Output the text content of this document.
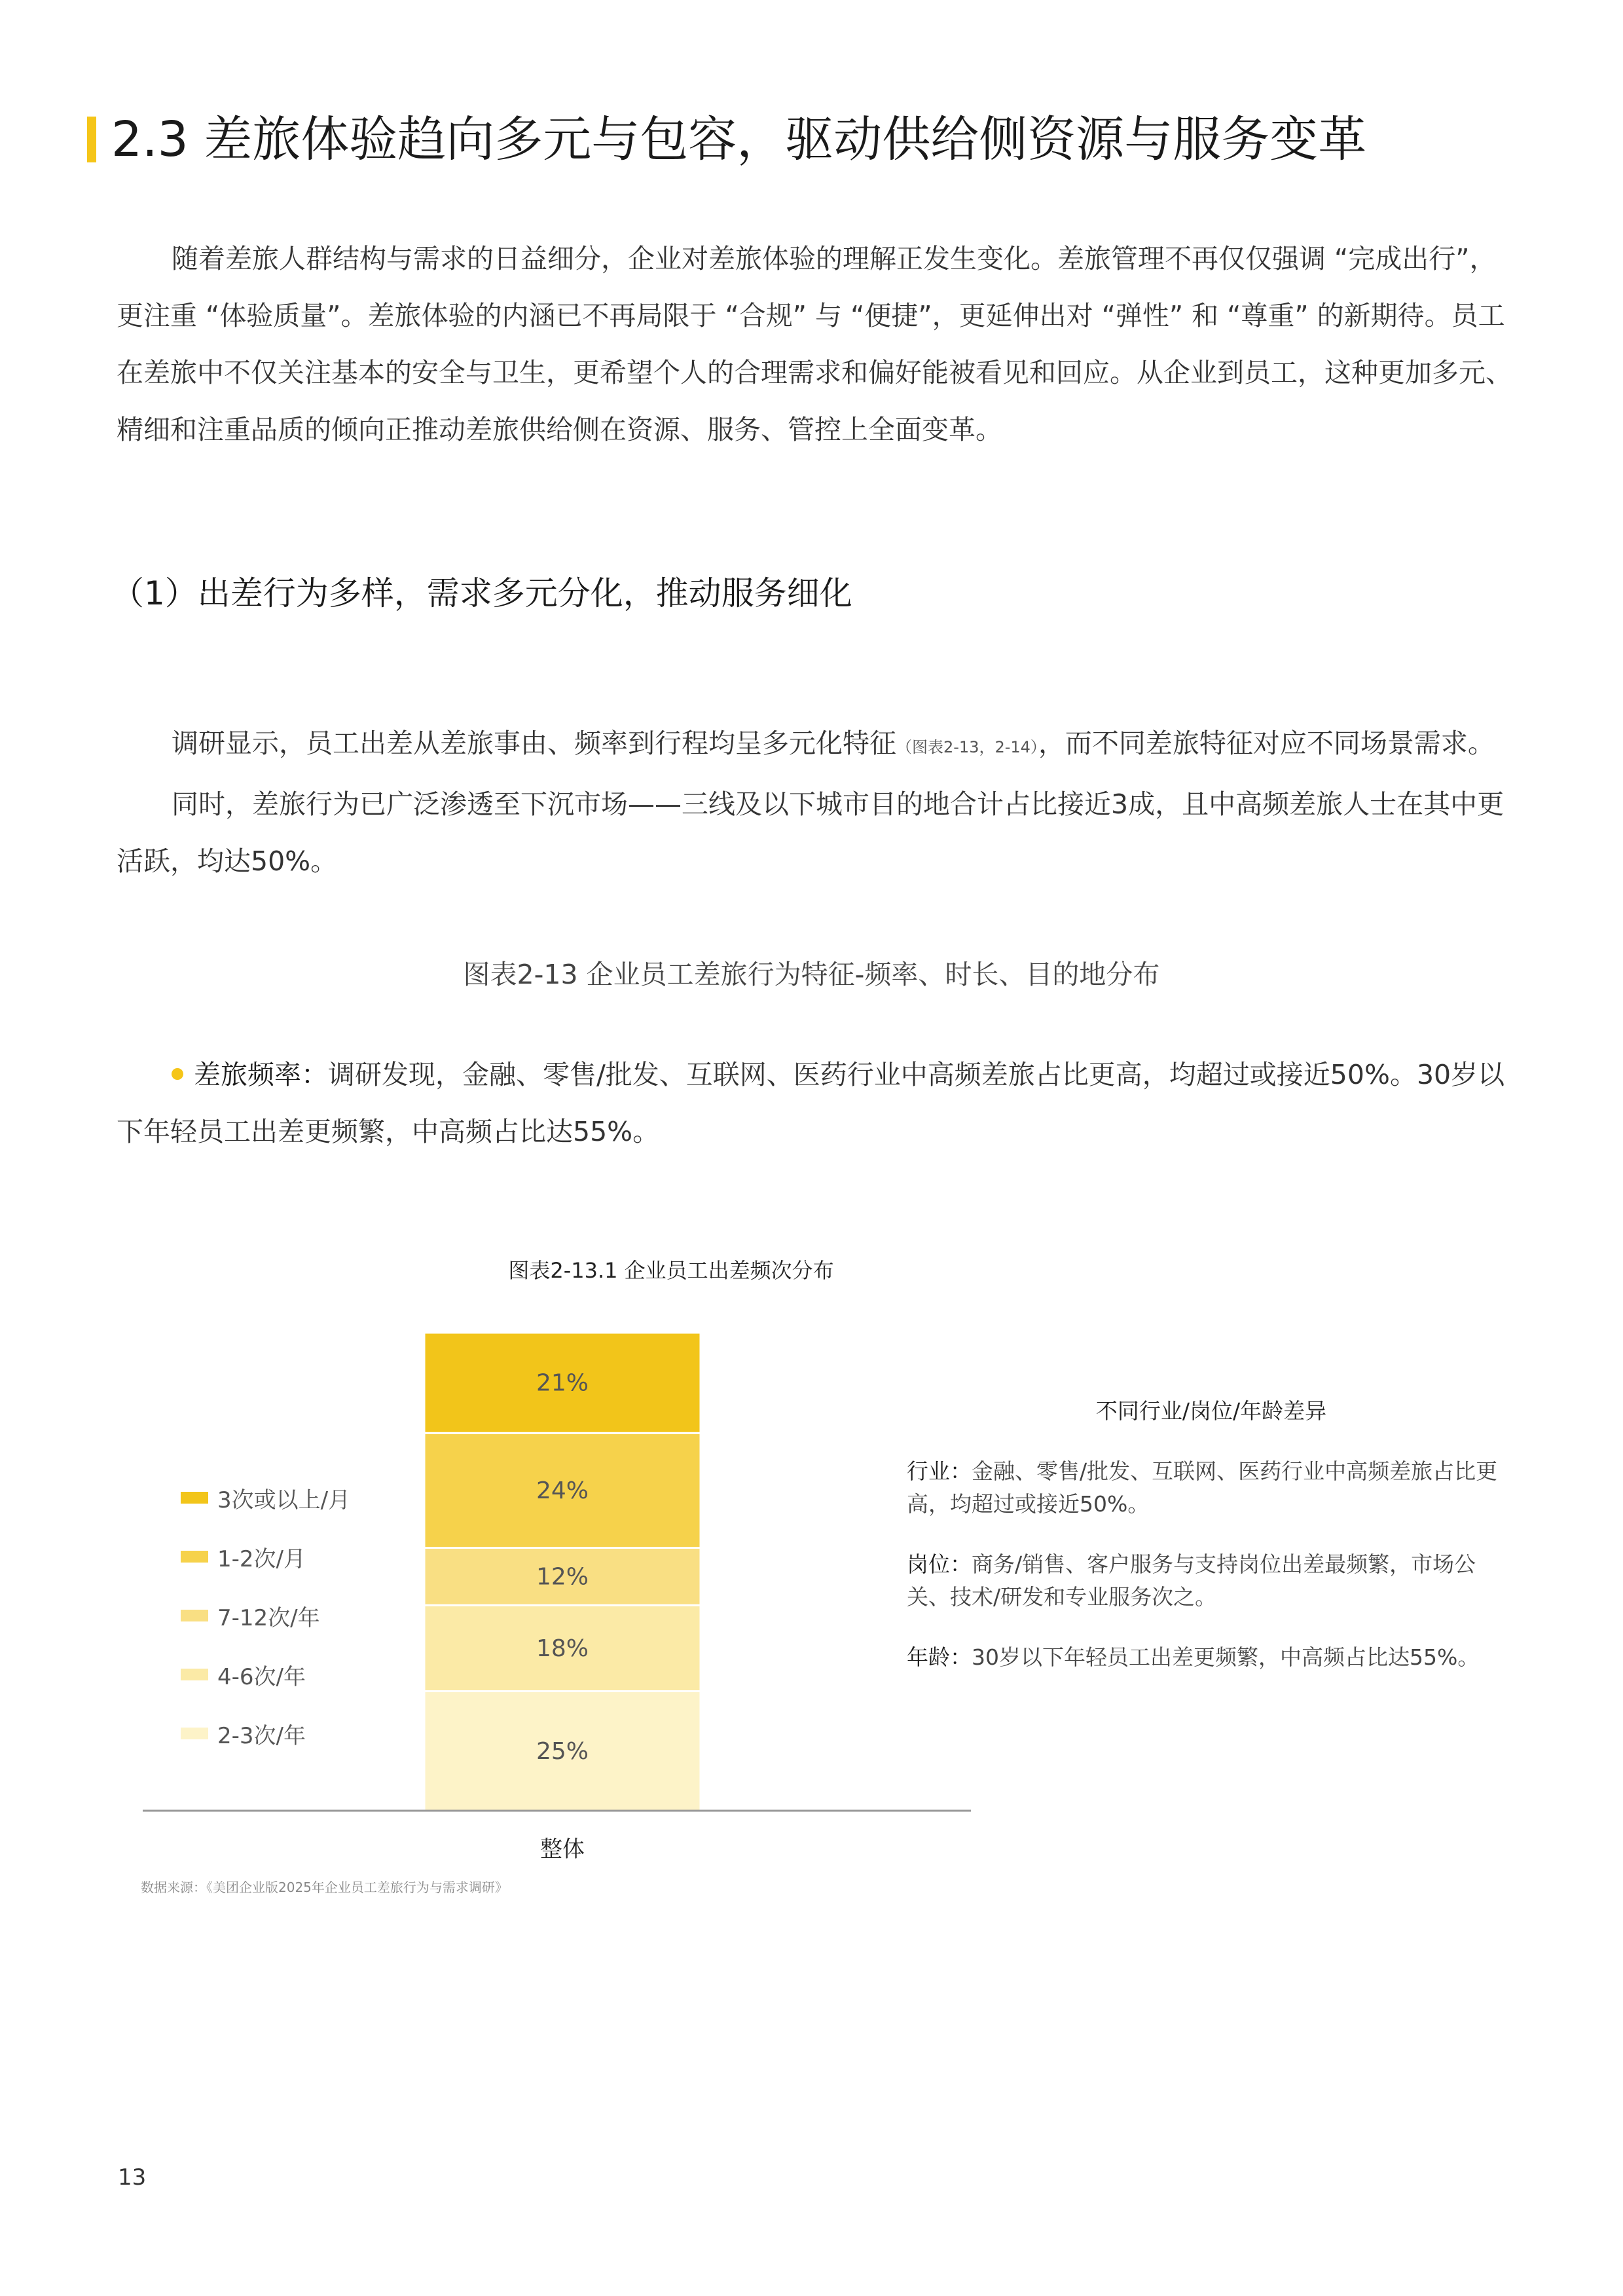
2.3 差旅体验趋向多元与包容，驱动供给侧资源与服务变革

随着差旅人群结构与需求的日益细分，企业对差旅体验的理解正发生变化。差旅管理不再仅仅强调 “完成出行”，更注重 “体验质量”。差旅体验的内涵已不再局限于 “合规” 与 “便捷”，更延伸出对 “弹性” 和 “尊重” 的新期待。员工在差旅中不仅关注基本的安全与卫生，更希望个人的合理需求和偏好能被看见和回应。从企业到员工，这种更加多元、精细和注重品质的倾向正推动差旅供给侧在资源、服务、管控上全面变革。

（1）出差行为多样，需求多元分化，推动服务细化

调研显示，员工出差从差旅事由、频率到行程均呈多元化特征（图表2-13，2-14），而不同差旅特征对应不同场景需求。

同时，差旅行为已广泛渗透至下沉市场——三线及以下城市目的地合计占比接近3成，且中高频差旅人士在其中更活跃，均达50%。

图表2-13 企业员工差旅行为特征-频率、时长、目的地分布

差旅频率：调研发现，金融、零售/批发、互联网、医药行业中高频差旅占比更高，均超过或接近50%。30岁以下年轻员工出差更频繁，中高频占比达55%。

图表2-13.1 企业员工出差频次分布
25%
18%
12%
24%
21%
3次或以上/月
1-2次/月
7-12次/年
4-6次/年
2-3次/年
整体
不同行业/岗位/年龄差异
行业：金融、零售/批发、互联网、医药行业中高频差旅占比更高，均超过或接近50%。
岗位：商务/销售、客户服务与支持岗位出差最频繁，市场公关、技术/研发和专业服务次之。
年龄：30岁以下年轻员工出差更频繁，中高频占比达55%。
数据来源：《美团企业版2025年企业员工差旅行为与需求调研》
13
